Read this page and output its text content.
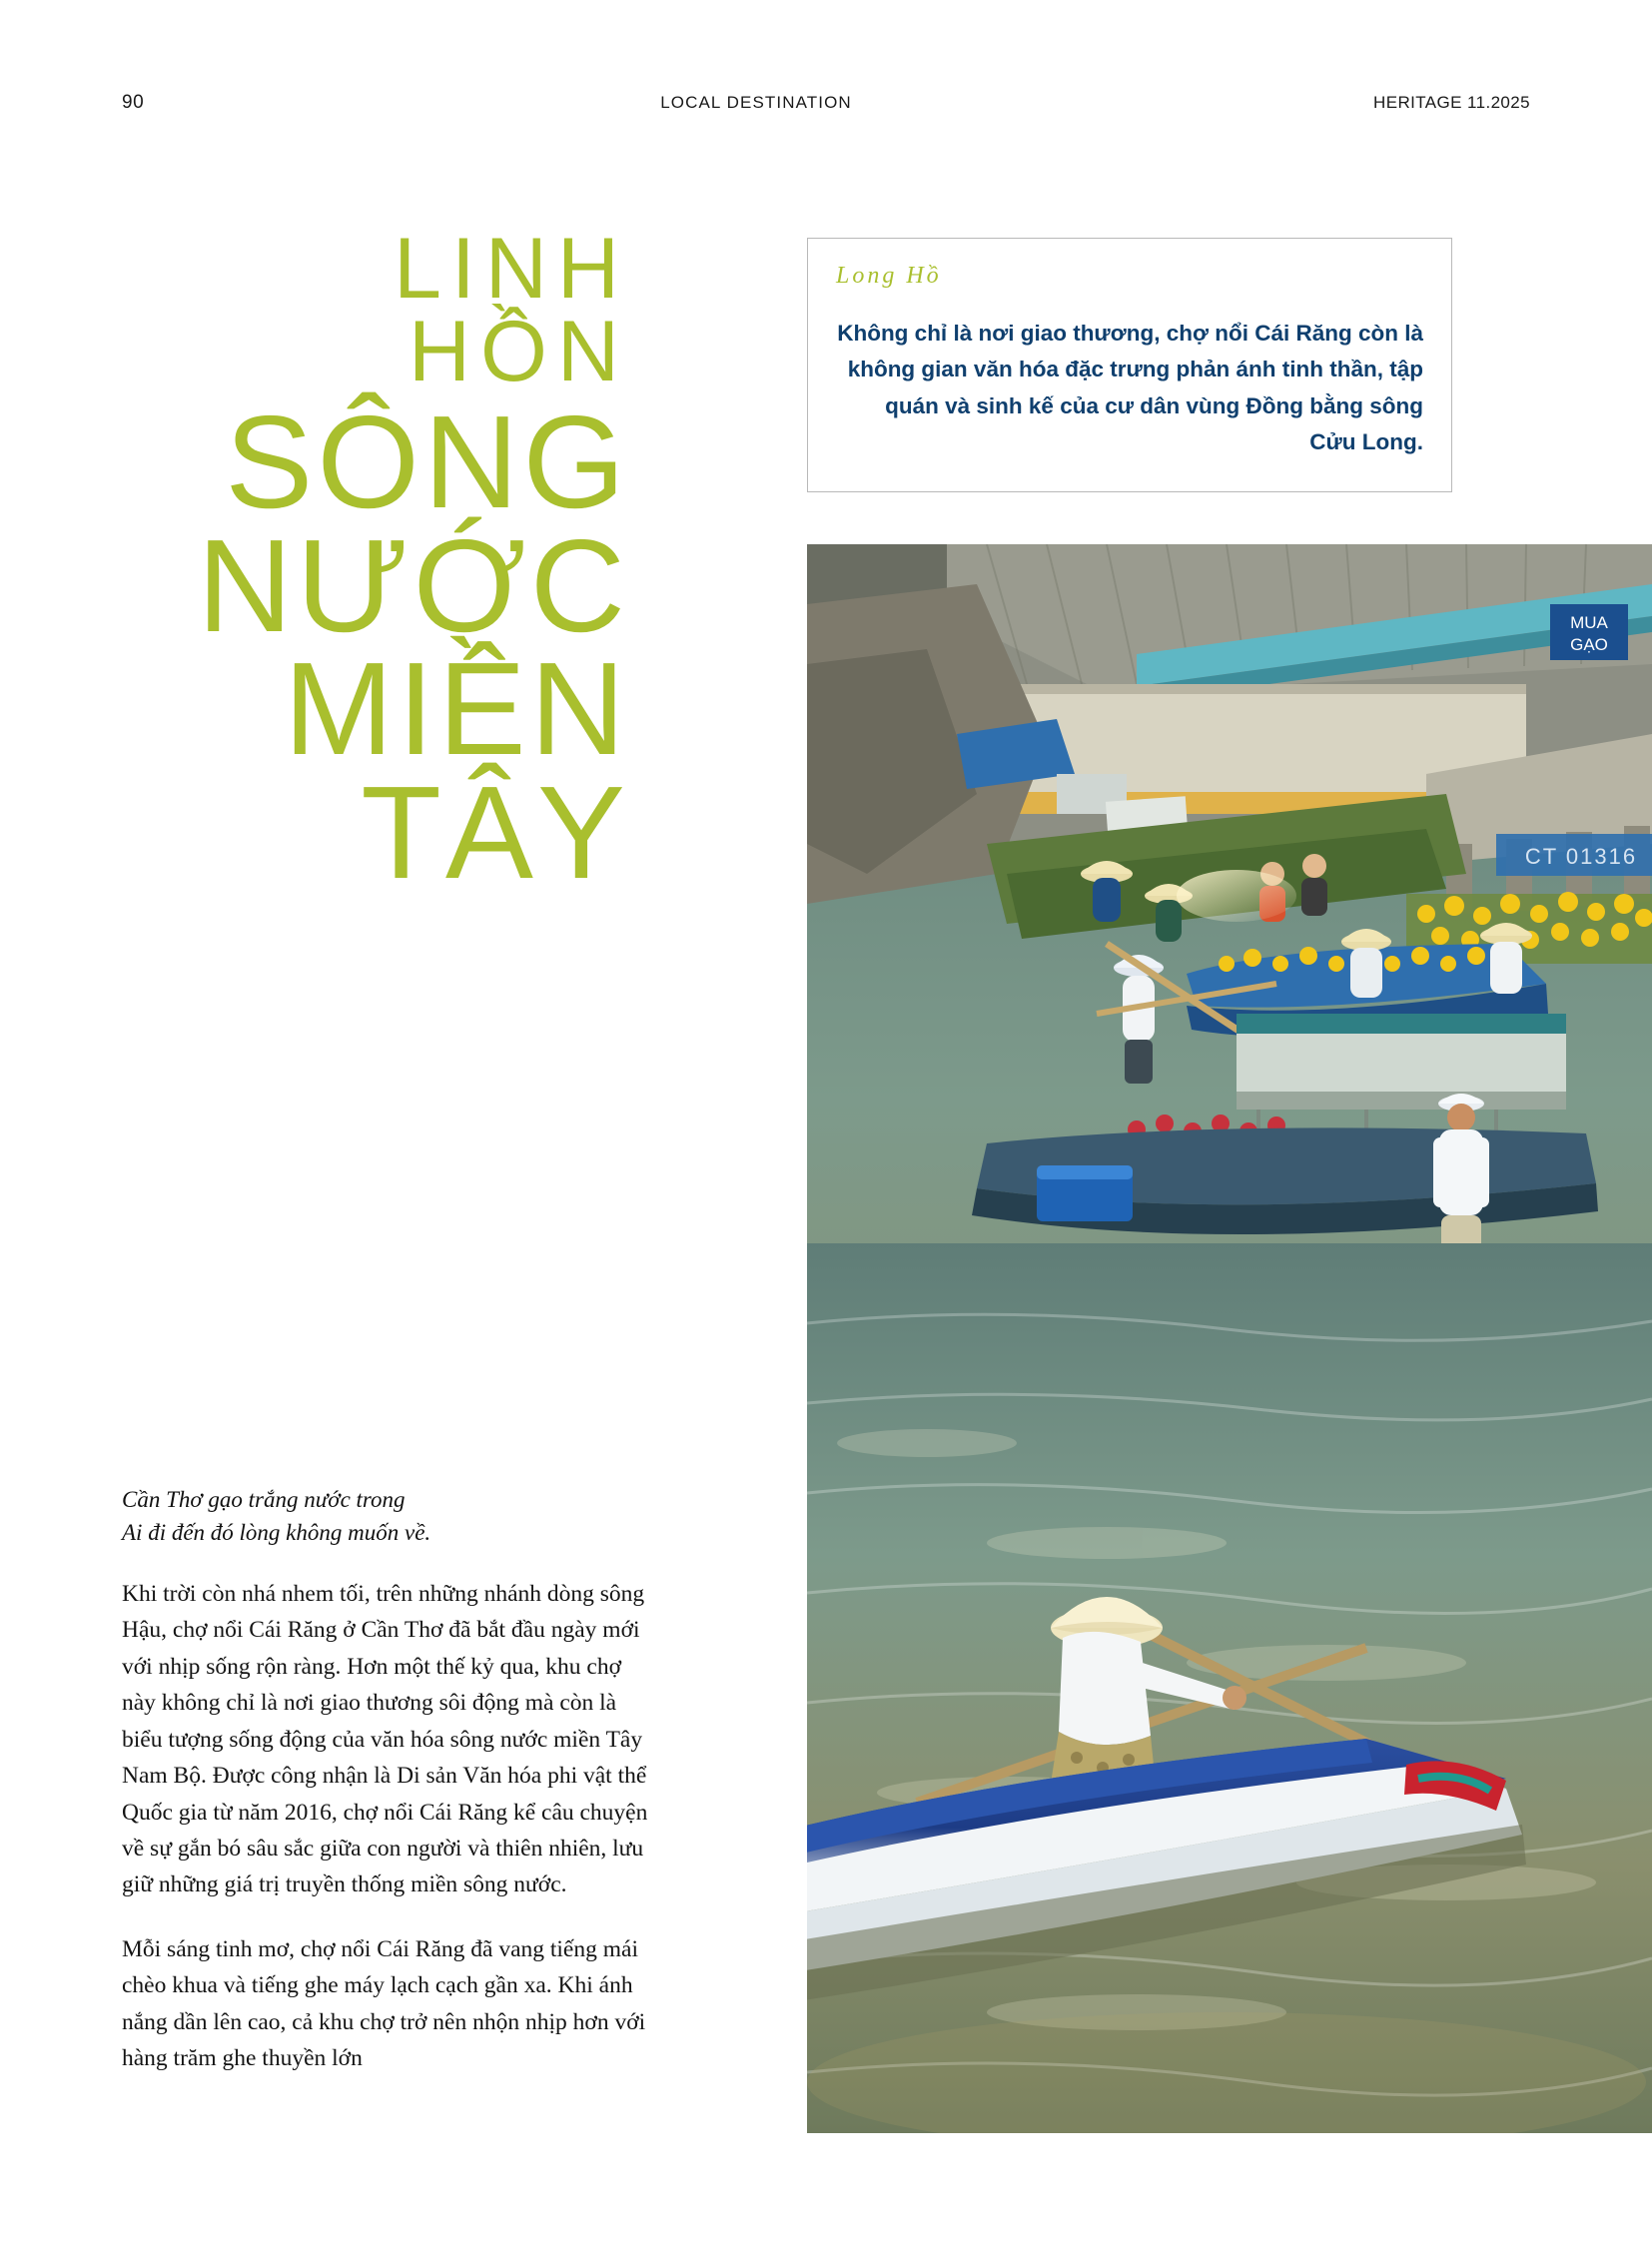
90	LOCAL DESTINATION	HERITAGE 11.2025
LINH
HỒN
SÔNG
NƯỚC
MIỀN
TÂY
Cần Thơ gạo trắng nước trong
Ai đi đến đó lòng không muốn về.

Khi trời còn nhá nhem tối, trên những nhánh dòng sông Hậu, chợ nổi Cái Răng ở Cần Thơ đã bắt đầu ngày mới với nhịp sống rộn ràng. Hơn một thế kỷ qua, khu chợ này không chỉ là nơi giao thương sôi động mà còn là biểu tượng sống động của văn hóa sông nước miền Tây Nam Bộ. Được công nhận là Di sản Văn hóa phi vật thể Quốc gia từ năm 2016, chợ nổi Cái Răng kể câu chuyện về sự gắn bó sâu sắc giữa con người và thiên nhiên, lưu giữ những giá trị truyền thống miền sông nước.

Mỗi sáng tinh mơ, chợ nổi Cái Răng đã vang tiếng mái chèo khua và tiếng ghe máy lạch cạch gần xa. Khi ánh nắng dần lên cao, cả khu chợ trở nên nhộn nhịp hơn với hàng trăm ghe thuyền lớn

Long Hồ
Không chỉ là nơi giao thương, chợ nổi Cái Răng còn là không gian văn hóa đặc trưng phản ánh tinh thần, tập quán và sinh kế của cư dân vùng Đồng bằng sông Cửu Long.
MUA
GẠO
CT 01316
